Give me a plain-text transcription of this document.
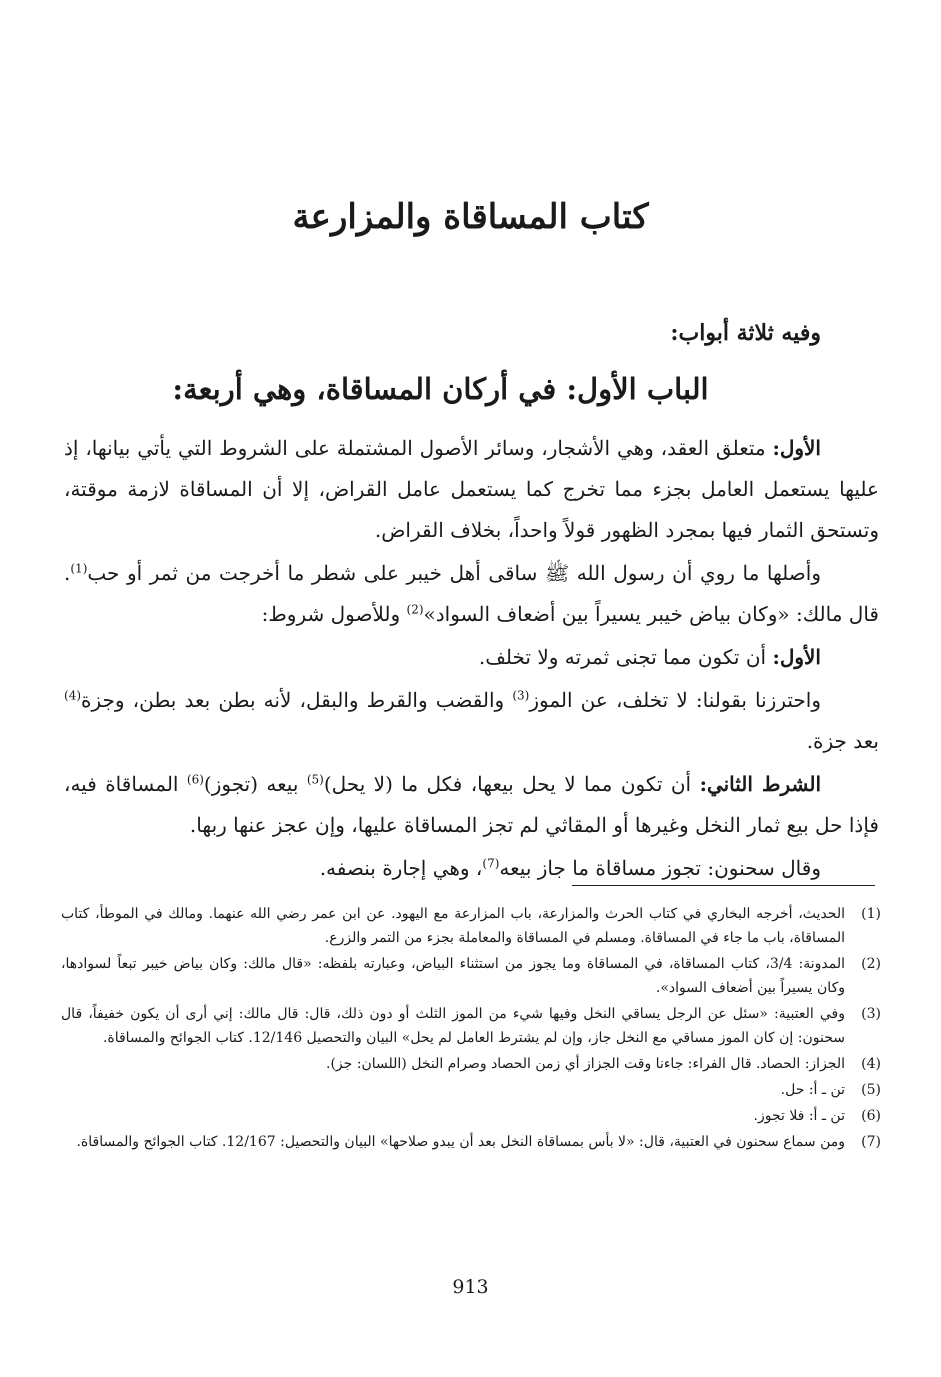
كتاب المساقاة والمزارعة

وفيه ثلاثة أبواب:

الباب الأول: في أركان المساقاة، وهي أربعة:

الأول: متعلق العقد، وهي الأشجار، وسائر الأصول المشتملة على الشروط التي يأتي بيانها، إذ عليها يستعمل العامل بجزء مما تخرج كما يستعمل عامل القراض، إلا أن المساقاة لازمة موقتة، وتستحق الثمار فيها بمجرد الظهور قولاً واحداً، بخلاف القراض.

وأصلها ما روي أن رسول الله ﷺ ساقى أهل خيبر على شطر ما أخرجت من ثمر أو حب$^{(1)}$. قال مالك: «وكان بياض خيبر يسيراً بين أضعاف السواد»$^{(2)}$ وللأصول شروط:

الأول: أن تكون مما تجنى ثمرته ولا تخلف.

واحترزنا بقولنا: لا تخلف، عن الموز$^{(3)}$ والقضب والقرط والبقل، لأنه بطن بعد بطن، وجزة$^{(4)}$ بعد جزة.

الشرط الثاني: أن تكون مما لا يحل بيعها، فكل ما (لا يحل)$^{(5)}$ بيعه (تجوز)$^{(6)}$ المساقاة فيه، فإذا حل بيع ثمار النخل وغيرها أو المقاثي لم تجز المساقاة عليها، وإن عجز عنها ربها.

وقال سحنون: تجوز مساقاة ما جاز بيعه$^{(7)}$، وهي إجارة بنصفه.

(1)
الحديث، أخرجه البخاري في كتاب الحرث والمزارعة، باب المزارعة مع اليهود. عن ابن عمر رضي الله عنهما. ومالك في الموطأ، كتاب المساقاة، باب ما جاء في المساقاة. ومسلم في المساقاة والمعاملة بجزء من التمر والزرع.
(2)
المدونة: 3/4، كتاب المساقاة، في المساقاة وما يجوز من استثناء البياض، وعبارته بلفظه: «قال مالك: وكان بياض خيبر تبعاً لسوادها، وكان يسيراً بين أضعاف السواد».
(3)
وفي العتبية: «سئل عن الرجل يساقي النخل وفيها شيء من الموز الثلث أو دون ذلك، قال: قال مالك: إني أرى أن يكون خفيفاً، قال سحنون: إن كان الموز مساقي مع النخل جاز، وإن لم يشترط العامل لم يحل» البيان والتحصيل 12/146. كتاب الجوائح والمساقاة.
(4)
الجزاز: الحصاد. قال الفراء: جاءنا وقت الجزاز أي زمن الحصاد وصرام النخل (اللسان: جز).
(5)
تن ـ أ: حل.
(6)
تن ـ أ: فلا تجوز.
(7)
ومن سماع سحنون في العتبية، قال: «لا بأس بمساقاة النخل بعد أن يبدو صلاحها» البيان والتحصيل: 12/167. كتاب الجوائح والمساقاة.
913
